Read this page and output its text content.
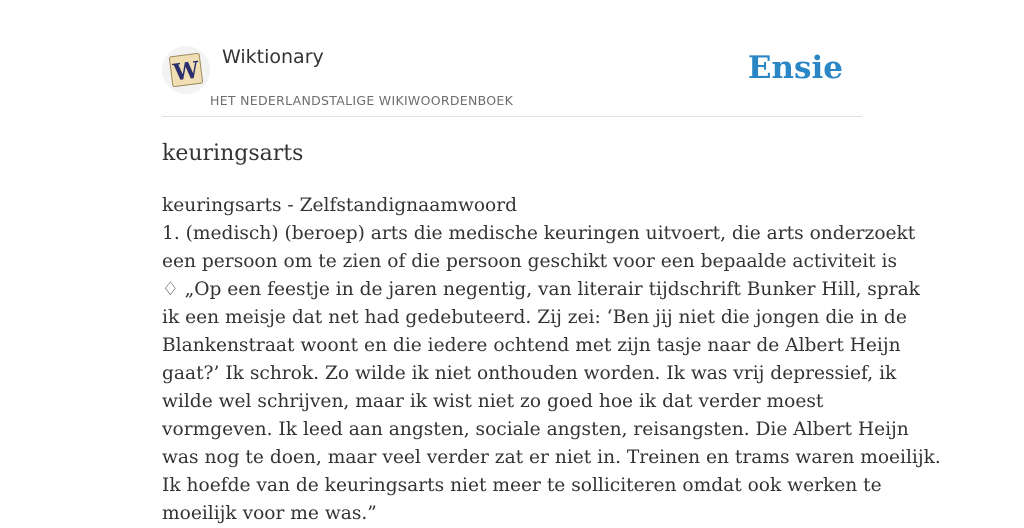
W Wiktionary
HET NEDERLANDSTALIGE WIKIWOORDENBOEK
Ensie
keuringsarts
keuringsarts - Zelfstandignaamwoord
1. (medisch) (beroep) arts die medische keuringen uitvoert, die arts onderzoekt
een persoon om te zien of die persoon geschikt voor een bepaalde activiteit is
♢ „Op een feestje in de jaren negentig, van literair tijdschrift Bunker Hill, sprak
ik een meisje dat net had gedebuteerd. Zij zei: ‘Ben jij niet die jongen die in de
Blankenstraat woont en die iedere ochtend met zijn tasje naar de Albert Heijn
gaat?’ Ik schrok. Zo wilde ik niet onthouden worden. Ik was vrij depressief, ik
wilde wel schrijven, maar ik wist niet zo goed hoe ik dat verder moest
vormgeven. Ik leed aan angsten, sociale angsten, reisangsten. Die Albert Heijn
was nog te doen, maar veel verder zat er niet in. Treinen en trams waren moeilijk.
Ik hoefde van de keuringsarts niet meer te solliciteren omdat ook werken te
moeilijk voor me was.”
